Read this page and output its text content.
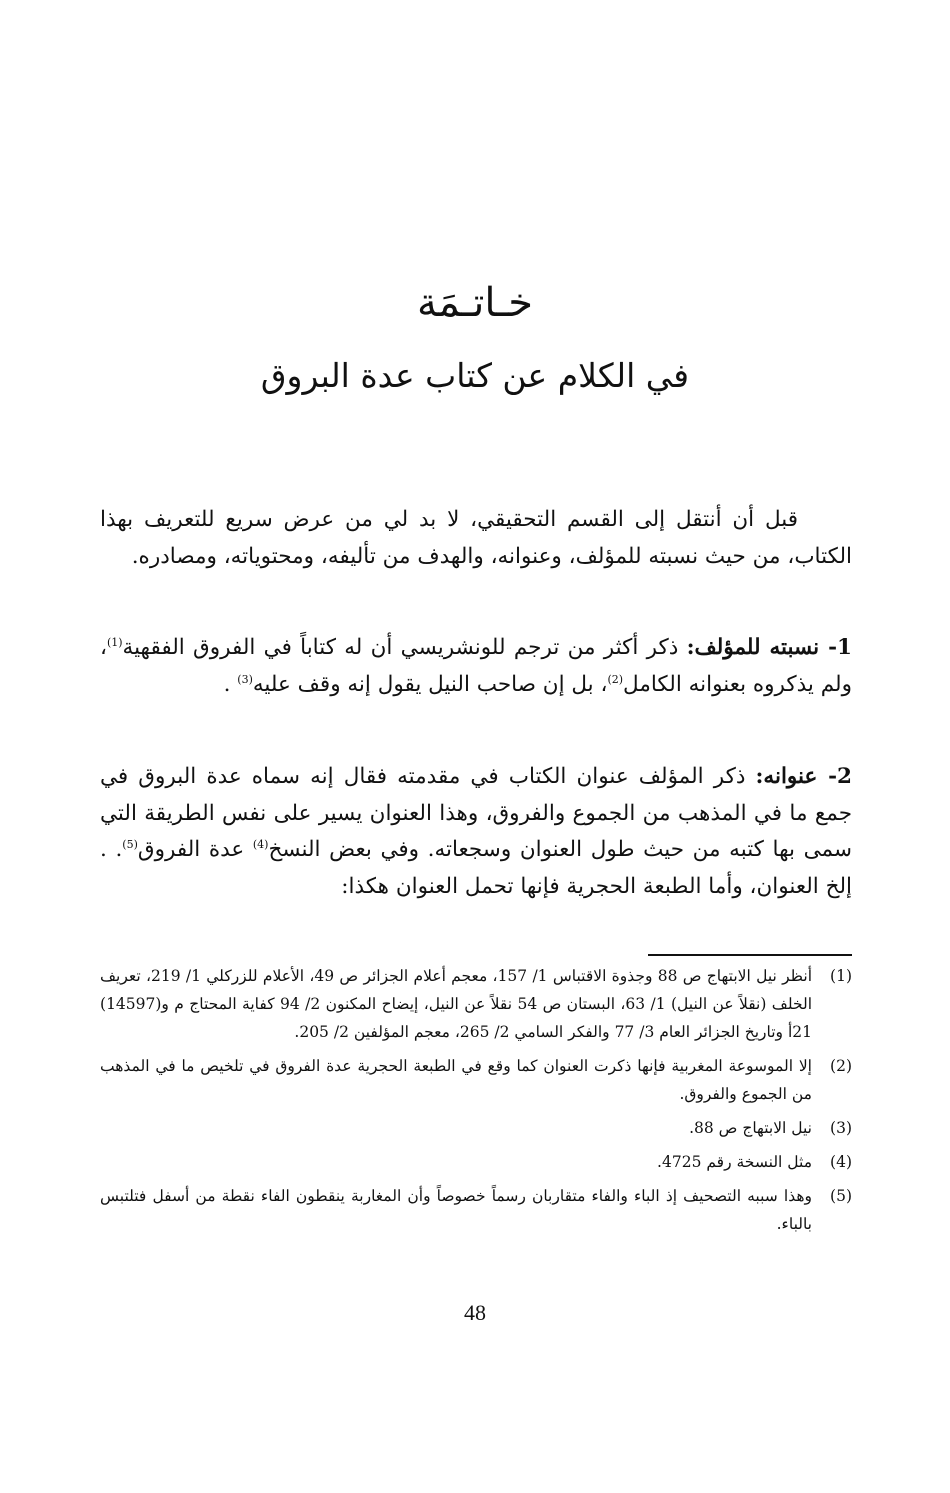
خـاتـمَة
في الكلام عن كتاب عدة البروق

قبل أن أنتقل إلى القسم التحقيقي، لا بد لي من عرض سريع للتعريف بهذا الكتاب، من حيث نسبته للمؤلف، وعنوانه، والهدف من تأليفه، ومحتوياته، ومصادره.

1- نسبته للمؤلف: ذكر أكثر من ترجم للونشريسي أن له كتاباً في الفروق الفقهية$^{(1)}$، ولم يذكروه بعنوانه الكامل$^{(2)}$، بل إن صاحب النيل يقول إنه وقف عليه$^{(3)}$ .

2- عنوانه: ذكر المؤلف عنوان الكتاب في مقدمته فقال إنه سماه عدة البروق في جمع ما في المذهب من الجموع والفروق، وهذا العنوان يسير على نفس الطريقة التي سمى بها كتبه من حيث طول العنوان وسجعاته. وفي بعض النسخ$^{(4)}$ عدة الفروق$^{(5)}$. . إلخ العنوان، وأما الطبعة الحجرية فإنها تحمل العنوان هكذا:

(1)
أنظر نيل الابتهاج ص 88 وجذوة الاقتباس 1/ 157، معجم أعلام الجزائر ص 49، الأعلام للزركلي 1/ 219، تعريف الخلف (نقلاً عن النيل) 1/ 63، البستان ص 54 نقلاً عن النيل، إيضاح المكنون 2/ 94 كفاية المحتاج م و(14597) 21أ وتاريخ الجزائر العام 3/ 77 والفكر السامي 2/ 265، معجم المؤلفين 2/ 205.
(2)
إلا الموسوعة المغربية فإنها ذكرت العنوان كما وقع في الطبعة الحجرية عدة الفروق في تلخيص ما في المذهب من الجموع والفروق.
(3)
نيل الابتهاج ص 88.
(4)
مثل النسخة رقم 4725.
(5)
وهذا سببه التصحيف إذ الباء والفاء متقاربان رسماً خصوصاً وأن المغاربة ينقطون الفاء نقطة من أسفل فتلتبس بالباء.
48
